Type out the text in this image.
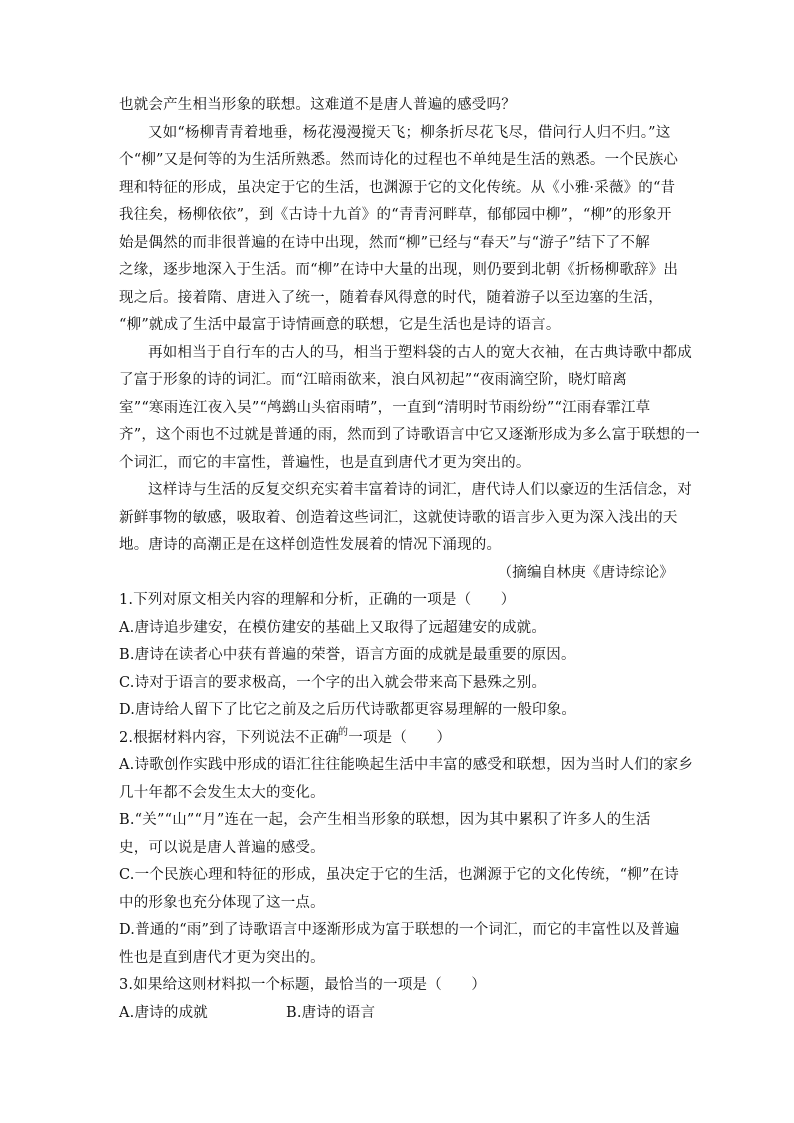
也就会产生相当形象的联想。这难道不是唐人普遍的感受吗？
又如“杨柳青青着地垂，杨花漫漫搅天飞；柳条折尽花飞尽，借问行人归不归。”这
个“柳”又是何等的为生活所熟悉。然而诗化的过程也不单纯是生活的熟悉。一个民族心
理和特征的形成，虽决定于它的生活，也渊源于它的文化传统。从《小雅·采薇》的“昔
我往矣，杨柳依依”，到《古诗十九首》的“青青河畔草，郁郁园中柳”，“柳”的形象开
始是偶然的而非很普遍的在诗中出现，然而“柳”已经与“春天”与“游子”结下了不解
之缘，逐步地深入于生活。而“柳”在诗中大量的出现，则仍要到北朝《折杨柳歌辞》出
现之后。接着隋、唐进入了统一，随着春风得意的时代，随着游子以至边塞的生活，
“柳”就成了生活中最富于诗情画意的联想，它是生活也是诗的语言。
再如相当于自行车的古人的马，相当于塑料袋的古人的宽大衣袖，在古典诗歌中都成
了富于形象的诗的词汇。而“江暗雨欲来，浪白风初起”“夜雨滴空阶，晓灯暗离
室”“寒雨连江夜入吴”“鸬鹚山头宿雨晴”，一直到“清明时节雨纷纷”“江雨春霏江草
齐”，这个雨也不过就是普通的雨，然而到了诗歌语言中它又逐渐形成为多么富于联想的一
个词汇，而它的丰富性，普遍性，也是直到唐代才更为突出的。
这样诗与生活的反复交织充实着丰富着诗的词汇，唐代诗人们以豪迈的生活信念，对
新鲜事物的敏感，吸取着、创造着这些词汇，这就使诗歌的语言步入更为深入浅出的天
地。唐诗的高潮正是在这样创造性发展着的情况下涌现的。
（摘编自林庚《唐诗综论》
1.下列对原文相关内容的理解和分析，正确的一项是（　　）
A.唐诗追步建安，在模仿建安的基础上又取得了远超建安的成就。
B.唐诗在读者心中获有普遍的荣誉，语言方面的成就是最重要的原因。
C.诗对于语言的要求极高，一个字的出入就会带来高下悬殊之别。
D.唐诗给人留下了比它之前及之后历代诗歌都更容易理解的一般印象。
2.根据材料内容，下列说法不正确$^的$一项是（　　）
A.诗歌创作实践中形成的语汇往往能唤起生活中丰富的感受和联想，因为当时人们的家乡
几十年都不会发生太大的变化。
B.“关”“山”“月”连在一起，会产生相当形象的联想，因为其中累积了许多人的生活
史，可以说是唐人普遍的感受。
C.一个民族心理和特征的形成，虽决定于它的生活，也渊源于它的文化传统，“柳”在诗
中的形象也充分体现了这一点。
D.普通的“雨”到了诗歌语言中逐渐形成为富于联想的一个词汇，而它的丰富性以及普遍
性也是直到唐代才更为突出的。
3.如果给这则材料拟一个标题，最恰当的一项是（　　）
A.唐诗的成就	B.唐诗的语言
